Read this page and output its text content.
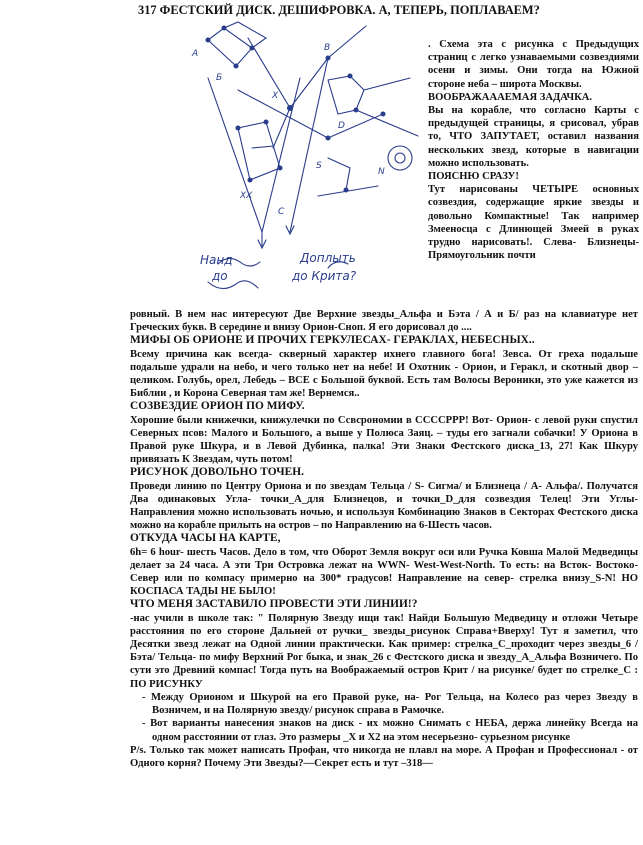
317 ФЕСТСКИЙ ДИСК. ДЕШИФРОВКА. А, ТЕПЕРЬ, ПОПЛАВАЕМ?
A
Б
X
B
D
XX
S
N
C
Нанд
до
Доплыть
до Крита?
. Схема эта с рисунка с Предыдущих страниц с легко узнаваемыми созвездиями осени и зимы. Они тогда на Южной стороне неба – широта Москвы.
ВООБРАЖАААЕМАЯ ЗАДАЧКА.
Вы на корабле, что согласно Карты с предыдущей страницы, я срисовал, убрав то, ЧТО ЗАПУТАЕТ, оставил названия нескольких звезд, которые в навигации можно использовать.
ПОЯСНЮ СРАЗУ!
Тут нарисованы ЧЕТЫРЕ основных созвездия, содержащие яркие звезды и довольно Компактные! Так например Змееносца с Длинющей Змеей в руках трудно нарисовать!. Слева- Близнецы- Прямоугольник почти

ровный. В нем нас интересуют Две Верхние звезды_Альфа и Бэта / А и Б/ раз на клавиатуре нет Греческих букв. В середине и внизу Орион-Сноп. Я его дорисовал до ....

МИФЫ ОБ ОРИОНЕ И ПРОЧИХ ГЕРКУЛЕСАХ- ГЕРАКЛАХ, НЕБЕСНЫХ..

Всему причина как всегда- скверный характер ихнего главного бога! Зевса. От греха подальше подальше удрали на небо, и чего только нет на небе! И Охотник - Орион, и Геракл, и скотный двор – целиком. Голубь, орел, Лебедь – ВСЕ с Большой буквой. Есть там Волосы Вероники, это уже кажется из Библии , и Корона Северная там же! Вернемся..

СОЗВЕЗДИЕ ОРИОН ПО МИФУ.

Хорошие были книжечки, книжулечки по Ссвсрономии в СССCРРР! Вот- Орион- с левой руки спустил Северных псов: Малого и Большого, а выше у Полюса Заяц. – туды его загнали собачки! У Ориона в Правой руке Шкура, и в Левой Дубинка, палка! Эти Знаки Фестского диска_13, 27! Как Шкуру привязать К Звездам, чуть потом!

РИСУНОК ДОВОЛЬНО ТОЧЕН.

Проведи линию по Центру Ориона и по звездам Тельца / S- Сигма/ и Близнеца / А- Альфа/. Получатся Два одинаковых Угла- точки_А_для Близнецов, и точки_D_для созвездия Телец! Эти Углы- Направления можно использовать ночью, и используя Комбинацию Знаков в Секторах Фестского диска можно на корабле прилыть на остров – по Направлению на 6-Шесть часов.

ОТКУДА ЧАСЫ НА КАРТЕ,

6h= 6 hour- шесть Часов. Дело в том, что Оборот Земля вокруг оси или Ручка Ковша Малой Медведицы делает за 24 часа. А эти Три Островка лежат на WWN- West-West-North. То есть: на Вcток- Востоко- Север или по компасу примерно на 300* градусов! Направление на север- стрелка внизу_S-N! НО КОСПАСА ТАДЫ НЕ БЫЛО!

ЧТО МЕНЯ ЗАСТАВИЛО ПРОВЕСТИ ЭТИ ЛИНИИ!?

-нас учили в школе так: " Полярную Звезду ищи так! Найди Большую Медведицу и отложи Четыре расстояния по его стороне Дальней от ручки_ звезды_рисунок Справа+Вверху! Тут я заметил, что Десятки звезд лежат на Одной линии практически. Как пример: стрелка_С_проходит через звезды_6 / Бэта/ Тельца- по мифу Верхний Рог быка, и знак_26 с Фестского диска и звезду_А_Альфа Возничего. По сути это Древний компас! Тогда путь на Воображаемый остров Крит / на рисунке/ будет по стрелке_С : ПО РИСУНКУ

- Между Орионом и Шкурой на его Правой руке, на- Рог Тельца, на Колесо раз через Звезду в Возничем, и на Полярную звезду/ рисунок справа в Рамочке.

- Вот варианты нанесения знаков на диск - их можно Снимать с НЕБА, держа линейку Всегда на одном расстоянии от глаз. Это размеры _Х и Х2 на этом несерьезно- сурьезном рисунке

P/s. Только так может написать Профан, что никогда не плавл на море. А Профан и Профессионал - от Одного корня? Почему Эти Звезды?—Секрет есть и тут –318—
